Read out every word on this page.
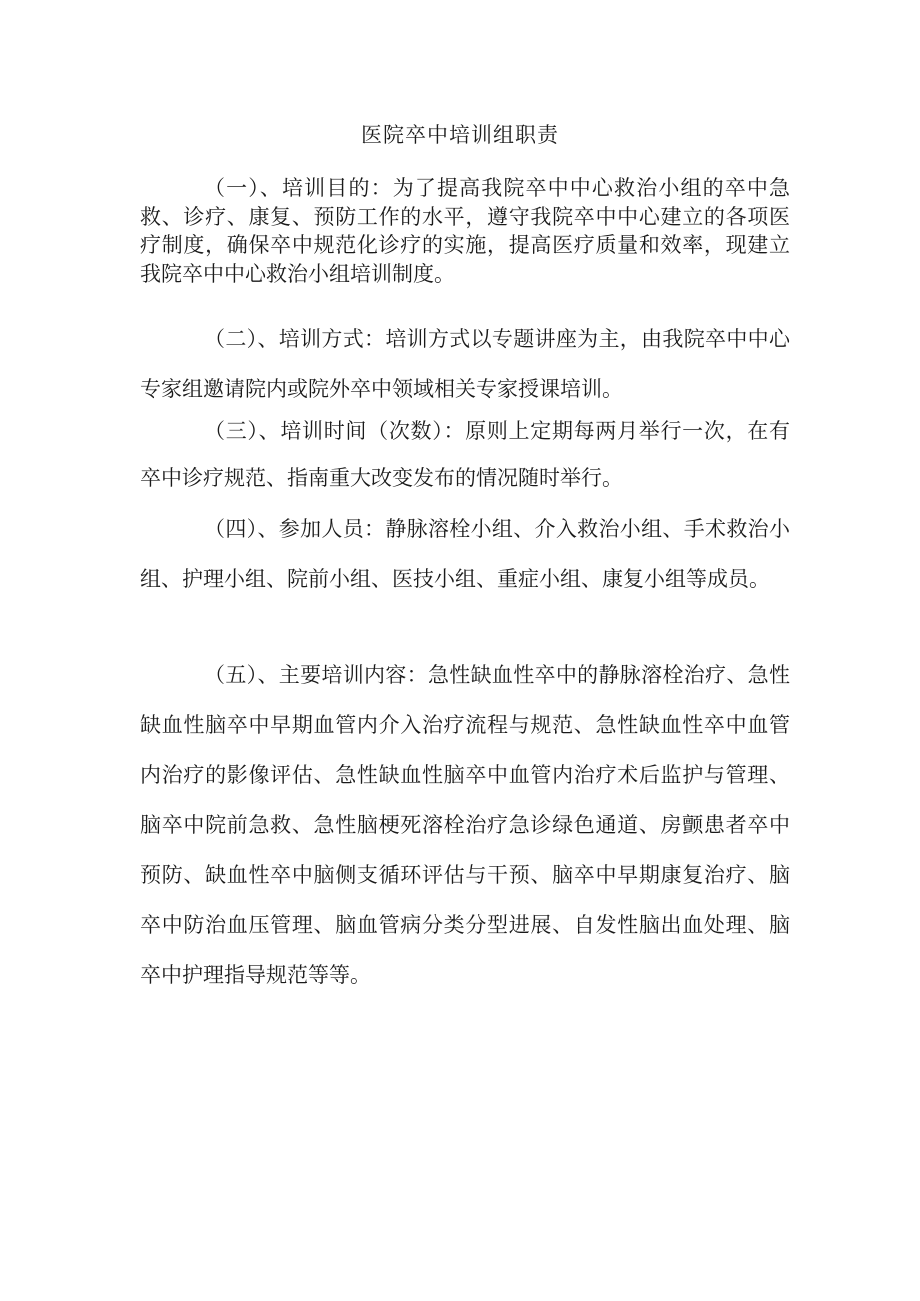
医院卒中培训组职责

（一）、培训目的：为了提高我院卒中中心救治小组的卒中急救、诊疗、康复、预防工作的水平，遵守我院卒中中心建立的各项医疗制度，确保卒中规范化诊疗的实施，提高医疗质量和效率，现建立我院卒中中心救治小组培训制度。

（二）、培训方式：培训方式以专题讲座为主，由我院卒中中心专家组邀请院内或院外卒中领域相关专家授课培训。

（三）、培训时间（次数）：原则上定期每两月举行一次，在有卒中诊疗规范、指南重大改变发布的情况随时举行。

（四）、参加人员：静脉溶栓小组、介入救治小组、手术救治小组、护理小组、院前小组、医技小组、重症小组、康复小组等成员。

（五）、主要培训内容：急性缺血性卒中的静脉溶栓治疗、急性缺血性脑卒中早期血管内介入治疗流程与规范、急性缺血性卒中血管内治疗的影像评估、急性缺血性脑卒中血管内治疗术后监护与管理、脑卒中院前急救、急性脑梗死溶栓治疗急诊绿色通道、房颤患者卒中预防、缺血性卒中脑侧支循环评估与干预、脑卒中早期康复治疗、脑卒中防治血压管理、脑血管病分类分型进展、自发性脑出血处理、脑卒中护理指导规范等等。
